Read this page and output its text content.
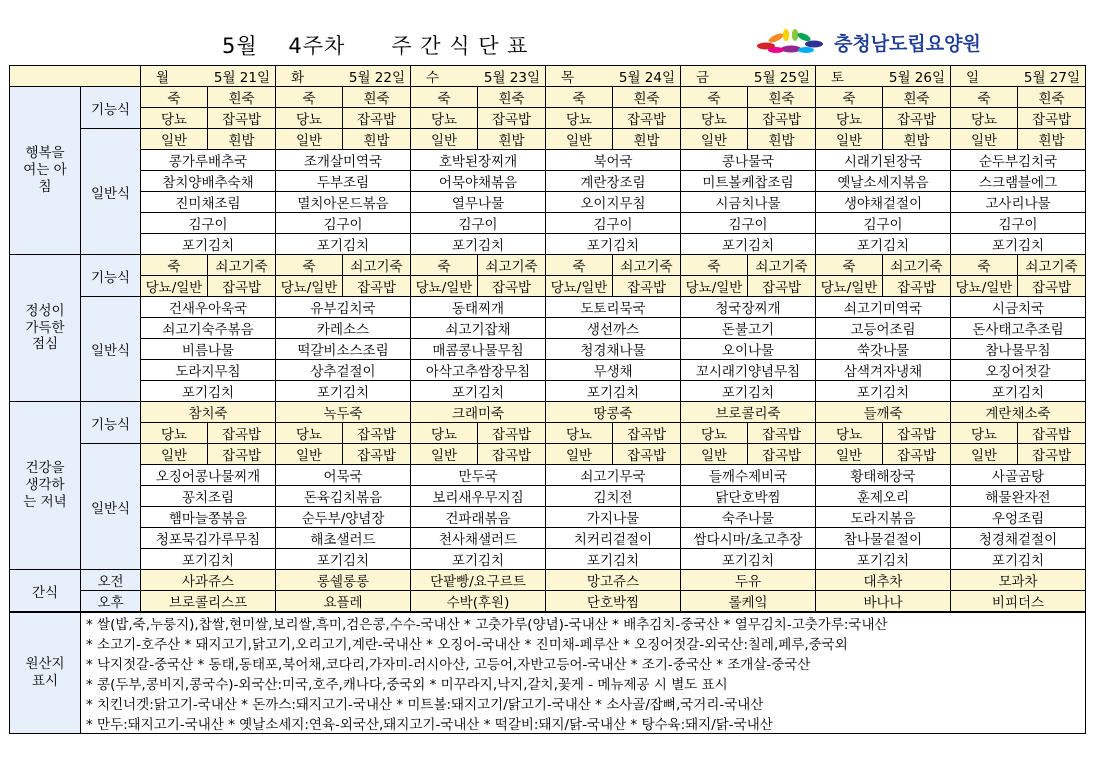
5월    4주차      주 간 식 단 표	충청남도립요양원

		월 5월 21일		화 5월 22일		수 5월 23일		목 5월 24일		금 5월 25일		토 5월 26일		일 5월 27일	

행복을 여는 아침	기능식	죽	흰죽	죽	흰죽	죽	흰죽	죽	흰죽	죽	흰죽	죽	흰죽	죽	흰죽
		당뇨	잡곡밥	당뇨	잡곡밥	당뇨	잡곡밥	당뇨	잡곡밥	당뇨	잡곡밥	당뇨	잡곡밥	당뇨	잡곡밥
	일반식	일반	흰밥	일반	흰밥	일반	흰밥	일반	흰밥	일반	흰밥	일반	흰밥	일반	흰밥
		콩가루배추국		조개살미역국		호박된장찌개		북어국		콩나물국		시래기된장국		순두부김치국	
		참치양배추숙채		두부조림		어묵야채볶음		계란장조림		미트볼케찹조림		옛날소세지볶음		스크램블에그	
		진미채조림		멸치아몬드볶음		열무나물		오이지무침		시금치나물		생야채겉절이		고사리나물	
		김구이		김구이		김구이		김구이		김구이		김구이		김구이	
		포기김치		포기김치		포기김치		포기김치		포기김치		포기김치		포기김치	

정성이 가득한 점심	기능식	죽	쇠고기죽	죽	쇠고기죽	죽	쇠고기죽	죽	쇠고기죽	죽	쇠고기죽	죽	쇠고기죽	죽	쇠고기죽
		당뇨/일반	잡곡밥	당뇨/일반	잡곡밥	당뇨/일반	잡곡밥	당뇨/일반	잡곡밥	당뇨/일반	잡곡밥	당뇨/일반	잡곡밥	당뇨/일반	잡곡밥
	일반식	건새우아욱국		유부김치국		동태찌개		도토리묵국		청국장찌개		쇠고기미역국		시금치국	
		쇠고기숙주볶음		카레소스		쇠고기잡채		생선까스		돈불고기		고등어조림		돈사태고추조림	
		비름나물		떡갈비소스조림		매콤콩나물무침		청경채나물		오이나물		쑥갓나물		참나물무침	
		도라지무침		상추겉절이		아삭고추쌈장무침		무생채		꼬시래기양념무침		삼색겨자냉채		오징어젓갈	
		포기김치		포기김치		포기김치		포기김치		포기김치		포기김치		포기김치	

건강을 생각하는 저녁	기능식	참치죽		녹두죽		크래미죽		땅콩죽		브로콜리죽		들깨죽		계란채소죽	
		당뇨	잡곡밥	당뇨	잡곡밥	당뇨	잡곡밥	당뇨	잡곡밥	당뇨	잡곡밥	당뇨	잡곡밥	당뇨	잡곡밥
	일반식	일반	잡곡밥	일반	잡곡밥	일반	잡곡밥	일반	잡곡밥	일반	잡곡밥	일반	잡곡밥	일반	잡곡밥
		오징어콩나물찌개		어묵국		만두국		쇠고기무국		들깨수제비국		황태해장국		사골곰탕	
		꽁치조림		돈육김치볶음		보리새우무지짐		김치전		닭단호박찜		훈제오리		해물완자전	
		햄마늘쫑볶음		순두부/양념장		건파래볶음		가지나물		숙주나물		도라지볶음		우엉조림	
		청포묵김가루무침		해초샐러드		천사채샐러드		치커리겉절이		쌈다시마/초고추장		참나물겉절이		청경채겉절이	
		포기김치		포기김치		포기김치		포기김치		포기김치		포기김치		포기김치	
간식	오전	사과쥬스		롱쉘롱롱		단팥빵/요구르트		망고쥬스		두유		대추차		모과차	
	오후	브로콜리스프		요플레		수박(후원)		단호박찜		롤케잌		바나나		비피더스	

원산지 표시	* 쌀(밥,죽,누룽지),찹쌀,현미쌀,보리쌀,흑미,검은콩,수수-국내산 * 고춧가루(양념)-국내산 * 배추김치-중국산 * 열무김치-고춧가루:국내산														
	* 소고기-호주산 * 돼지고기,닭고기,오리고기,계란-국내산 * 오징어-국내산 * 진미채-페루산 * 오징어젓갈-외국산:칠레,페루,중국외														
	* 낙지젓갈-중국산 * 동태,동태포,북어채,코다리,가자미-러시아산, 고등어,자반고등어-국내산 * 조기-중국산 * 조개살-중국산														
	* 콩(두부,콩비지,콩국수)-외국산:미국,호주,캐나다,중국외 * 미꾸라지,낙지,갈치,꽃게 - 메뉴제공 시 별도 표시														
	* 치킨너겟:닭고기-국내산 * 돈까스:돼지고기-국내산 * 미트볼:돼지고기/닭고기-국내산 * 소사골/잡뼈,국거리-국내산														
	* 만두:돼지고기-국내산 * 옛날소세지:연육-외국산,돼지고기-국내산 * 떡갈비:돼지/닭-국내산 * 탕수육:돼지/닭-국내산														
